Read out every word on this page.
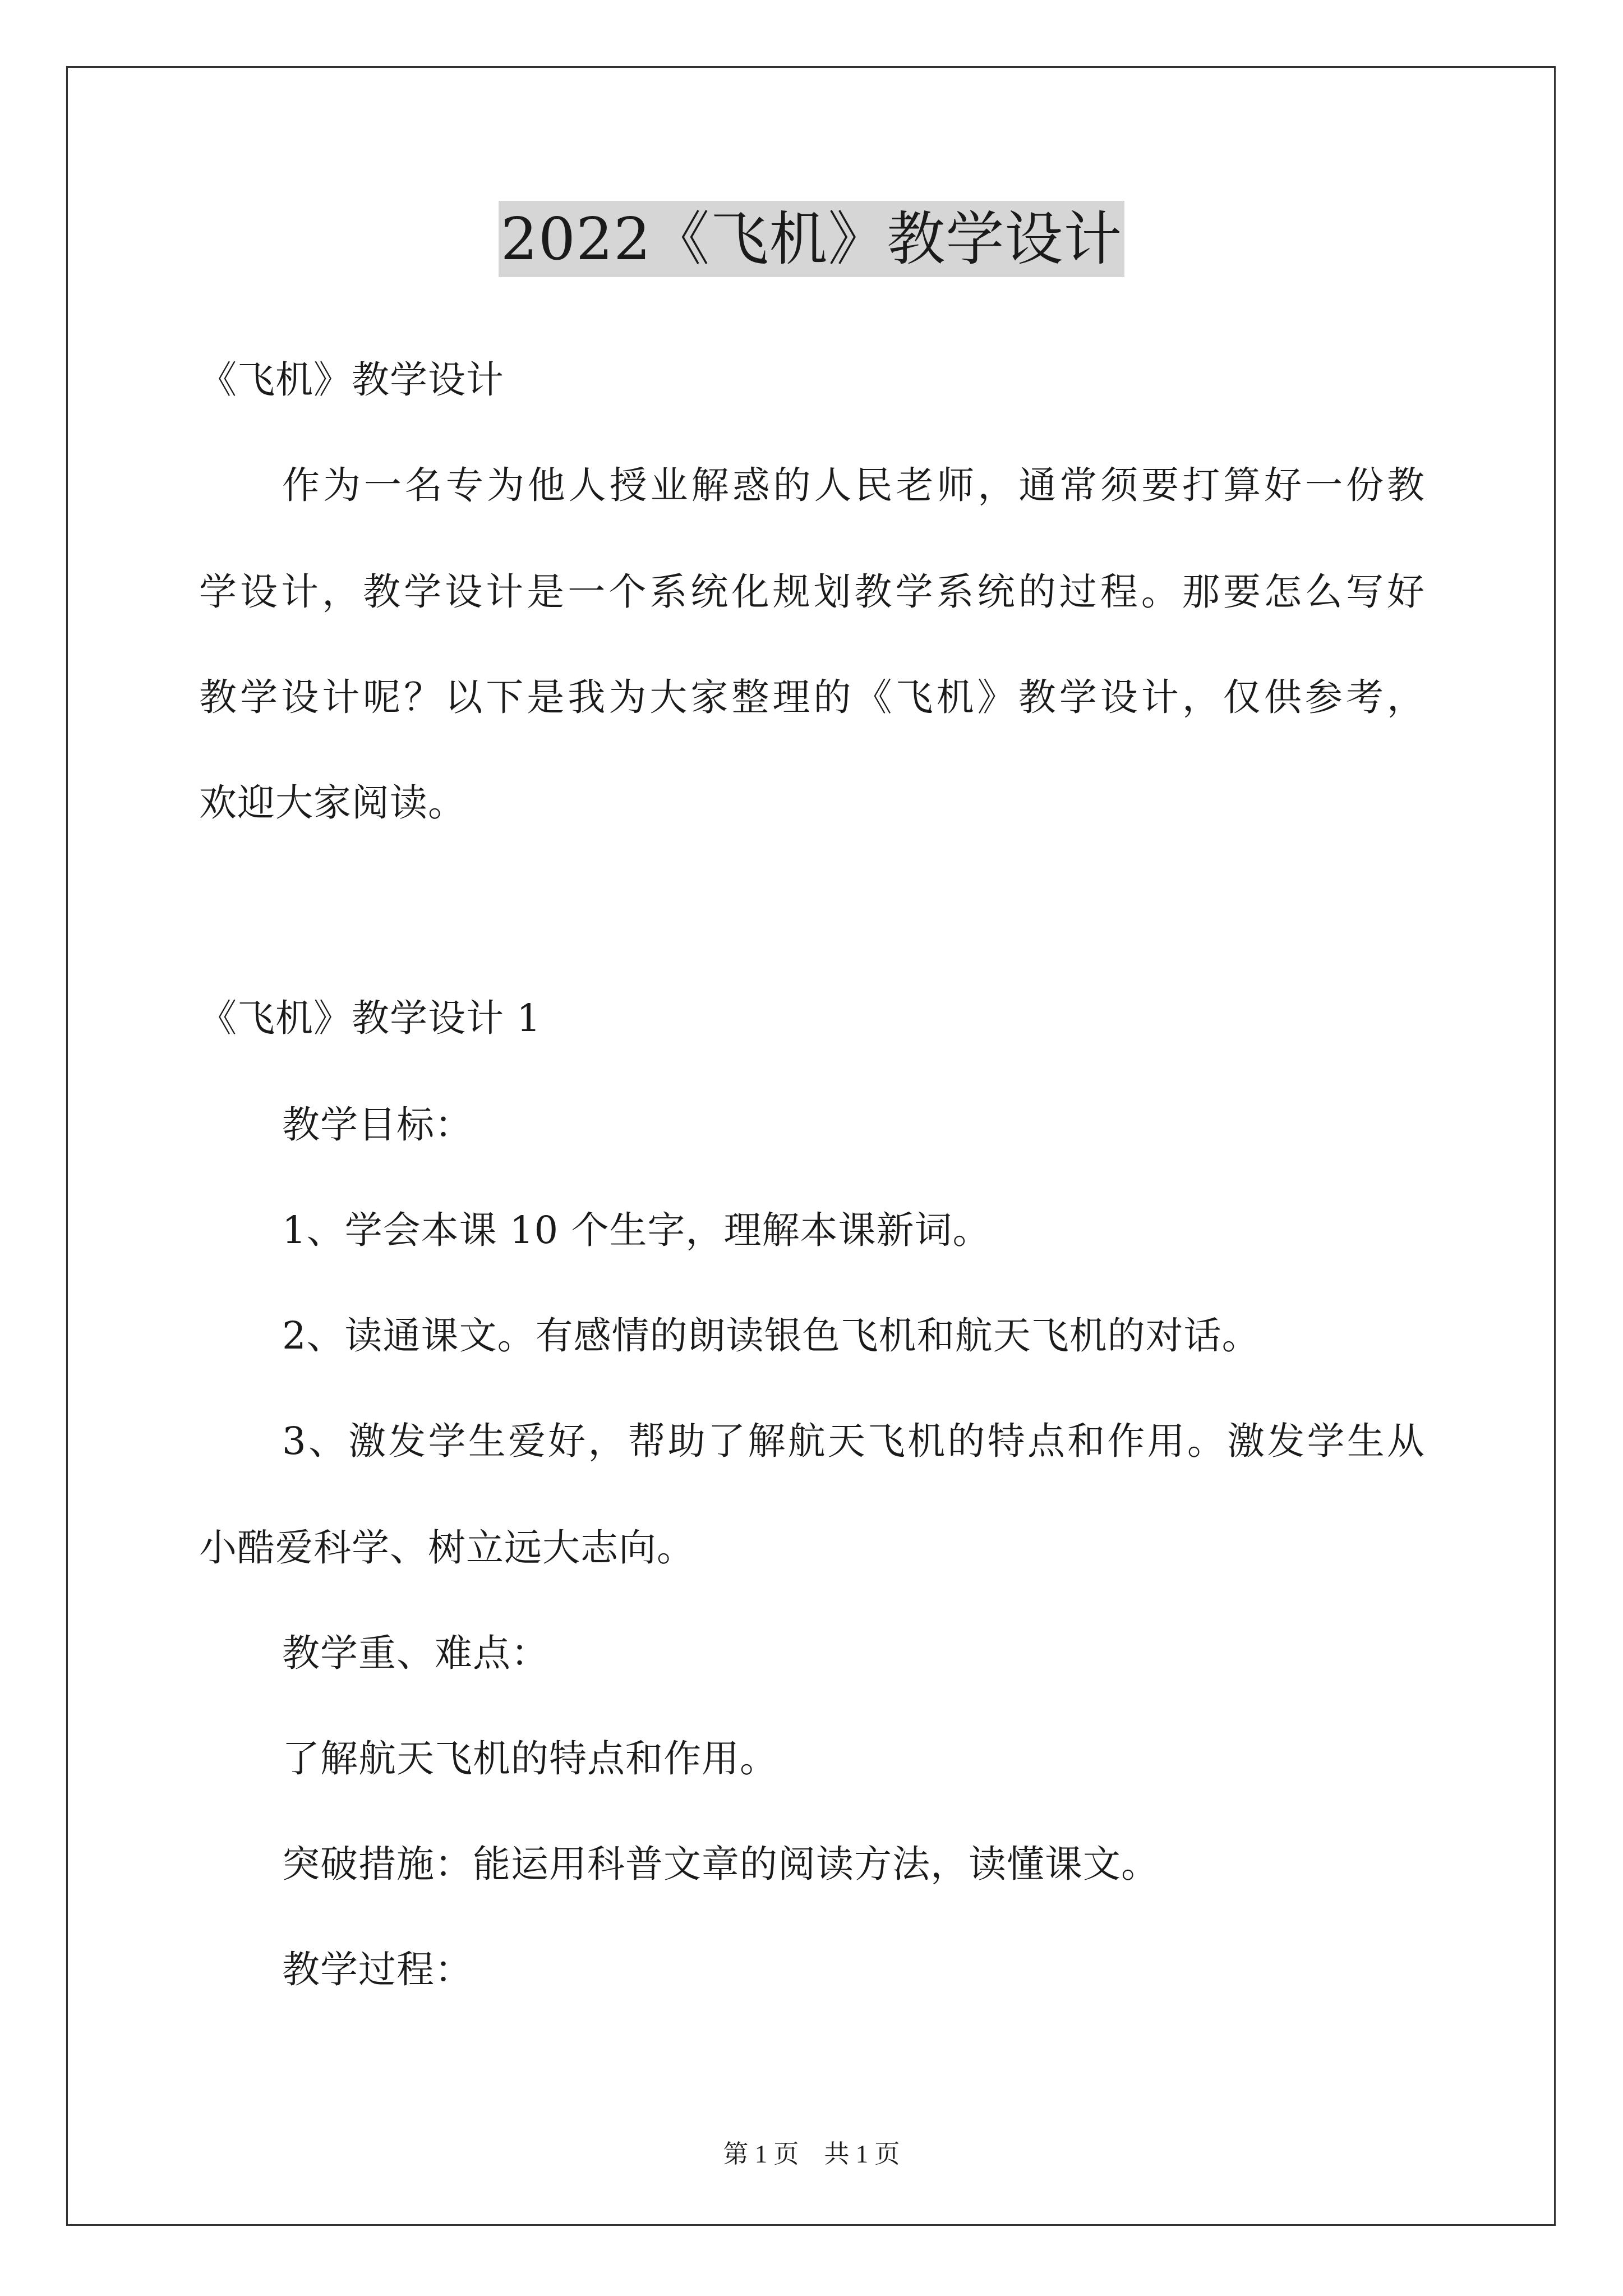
2022《飞机》教学设计
《飞机》教学设计
作为一名专为他人授业解惑的人民老师，通常须要打算好一份教
学设计，教学设计是一个系统化规划教学系统的过程。那要怎么写好
教学设计呢？以下是我为大家整理的《飞机》教学设计，仅供参考，
欢迎大家阅读。
《飞机》教学设计 1
教学目标：
1、学会本课 10 个生字，理解本课新词。
2、读通课文。有感情的朗读银色飞机和航天飞机的对话。
3、激发学生爱好，帮助了解航天飞机的特点和作用。激发学生从
小酷爱科学、树立远大志向。
教学重、难点：
了解航天飞机的特点和作用。
突破措施：能运用科普文章的阅读方法，读懂课文。
教学过程：
第 1 页 共 1 页
